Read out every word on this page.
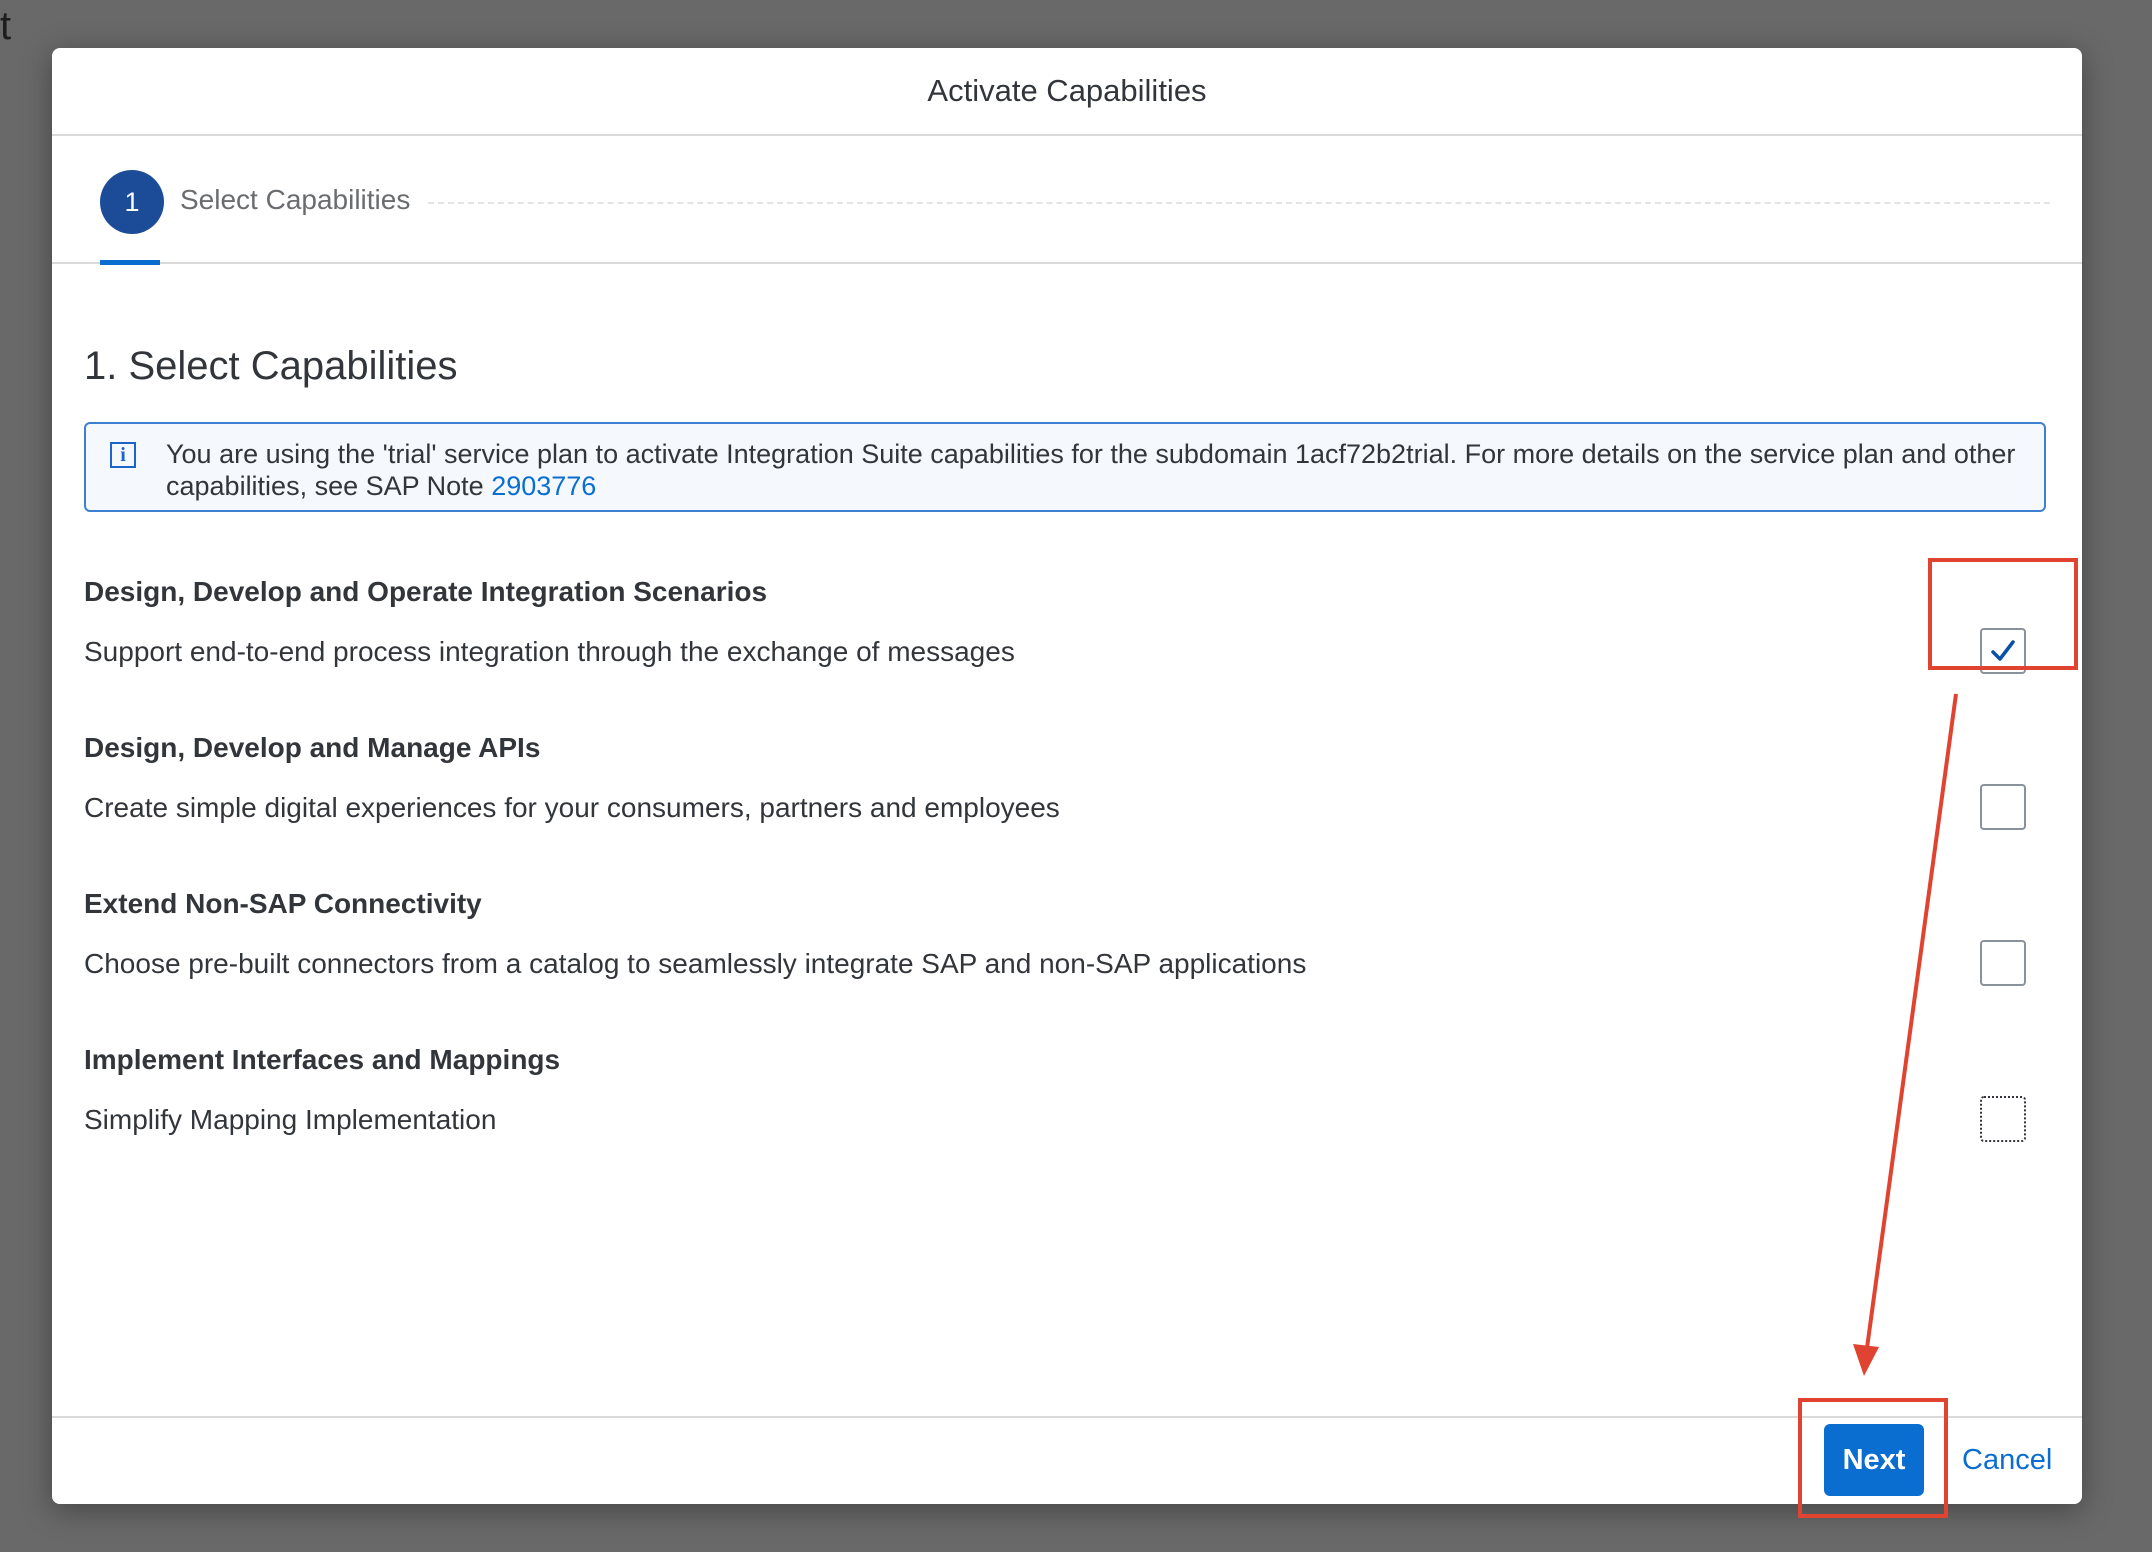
t
Activate Capabilities
1	Select Capabilities
1. Select Capabilities
i	You are using the 'trial' service plan to activate Integration Suite capabilities for the subdomain 1acf72b2trial. For more details on the service plan and other capabilities, see SAP Note 2903776
Design, Develop and Operate Integration Scenarios
Support end-to-end process integration through the exchange of messages
Design, Develop and Manage APIs
Create simple digital experiences for your consumers, partners and employees
Extend Non-SAP Connectivity
Choose pre-built connectors from a catalog to seamlessly integrate SAP and non-SAP applications
Implement Interfaces and Mappings
Simplify Mapping Implementation
Next	Cancel
